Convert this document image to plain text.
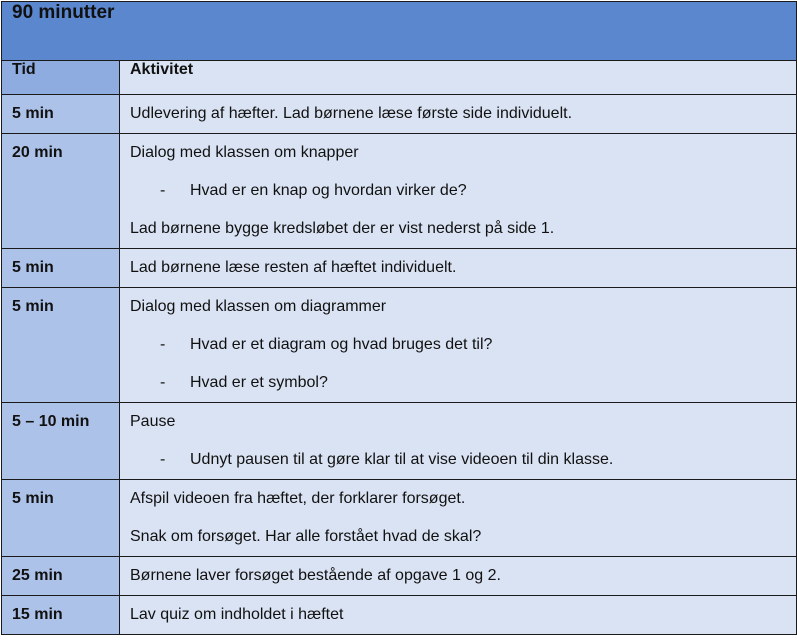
90 minutter	
Tid	Aktivitet

5 min	Udlevering af hæfter. Lad børnene læse første side individuelt.

20 min	Dialog med klassen om knapper
- Hvad er en knap og hvordan virker de?
Lad børnene bygge kredsløbet der er vist nederst på side 1.

5 min	Lad børnene læse resten af hæftet individuelt.

5 min	Dialog med klassen om diagrammer
- Hvad er et diagram og hvad bruges det til?
- Hvad er et symbol?

5 – 10 min	Pause
- Udnyt pausen til at gøre klar til at vise videoen til din klasse.

5 min	Afspil videoen fra hæftet, der forklarer forsøget.
Snak om forsøget. Har alle forstået hvad de skal?

25 min	Børnene laver forsøget bestående af opgave 1 og 2.

15 min	Lav quiz om indholdet i hæftet
